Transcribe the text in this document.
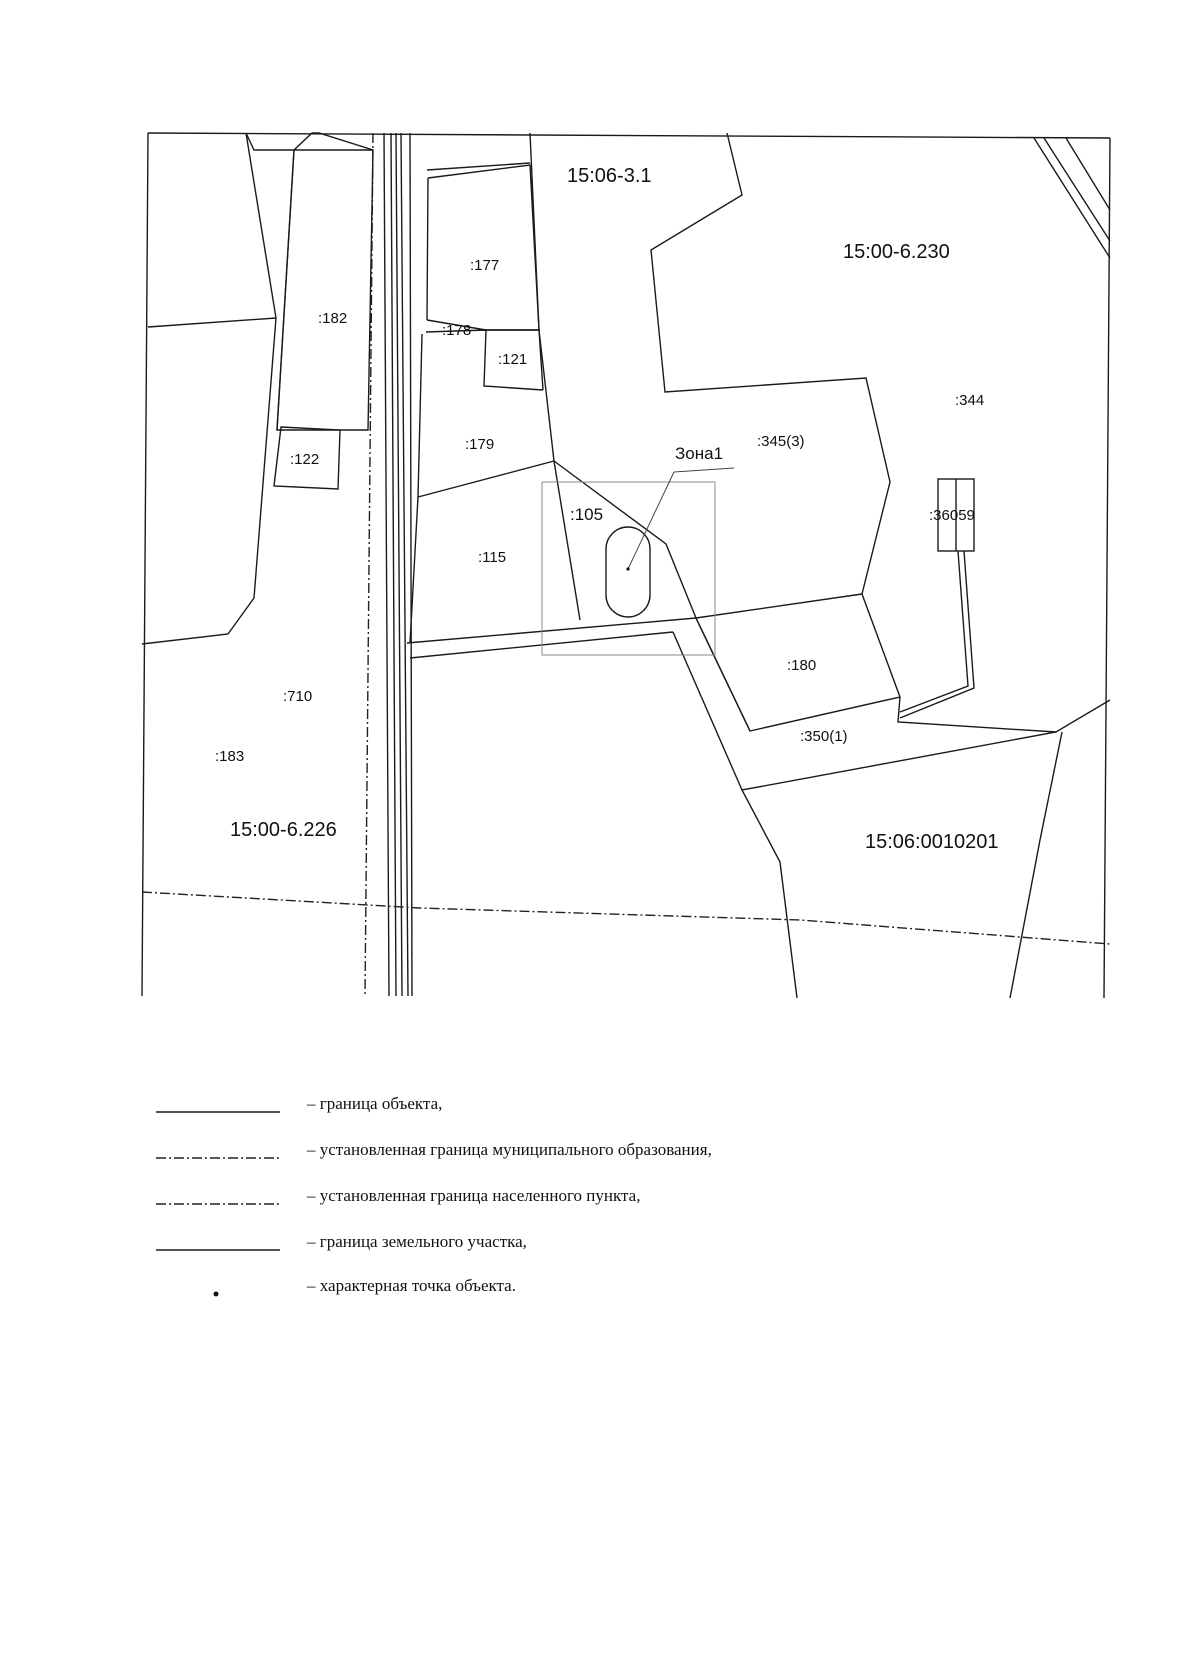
15:06-3.1
15:00-6.230
:177
:182
:178
:121
:344
:179	:345(3)
Зона1
:122
:105	:36059
:115
:180
:710
:350(1)
:183
15:00-6.226
15:06:0010201
– граница объекта,
– установленная граница муниципального образования,
– установленная граница населенного пункта,
– граница земельного участка,
– характерная точка объекта.
